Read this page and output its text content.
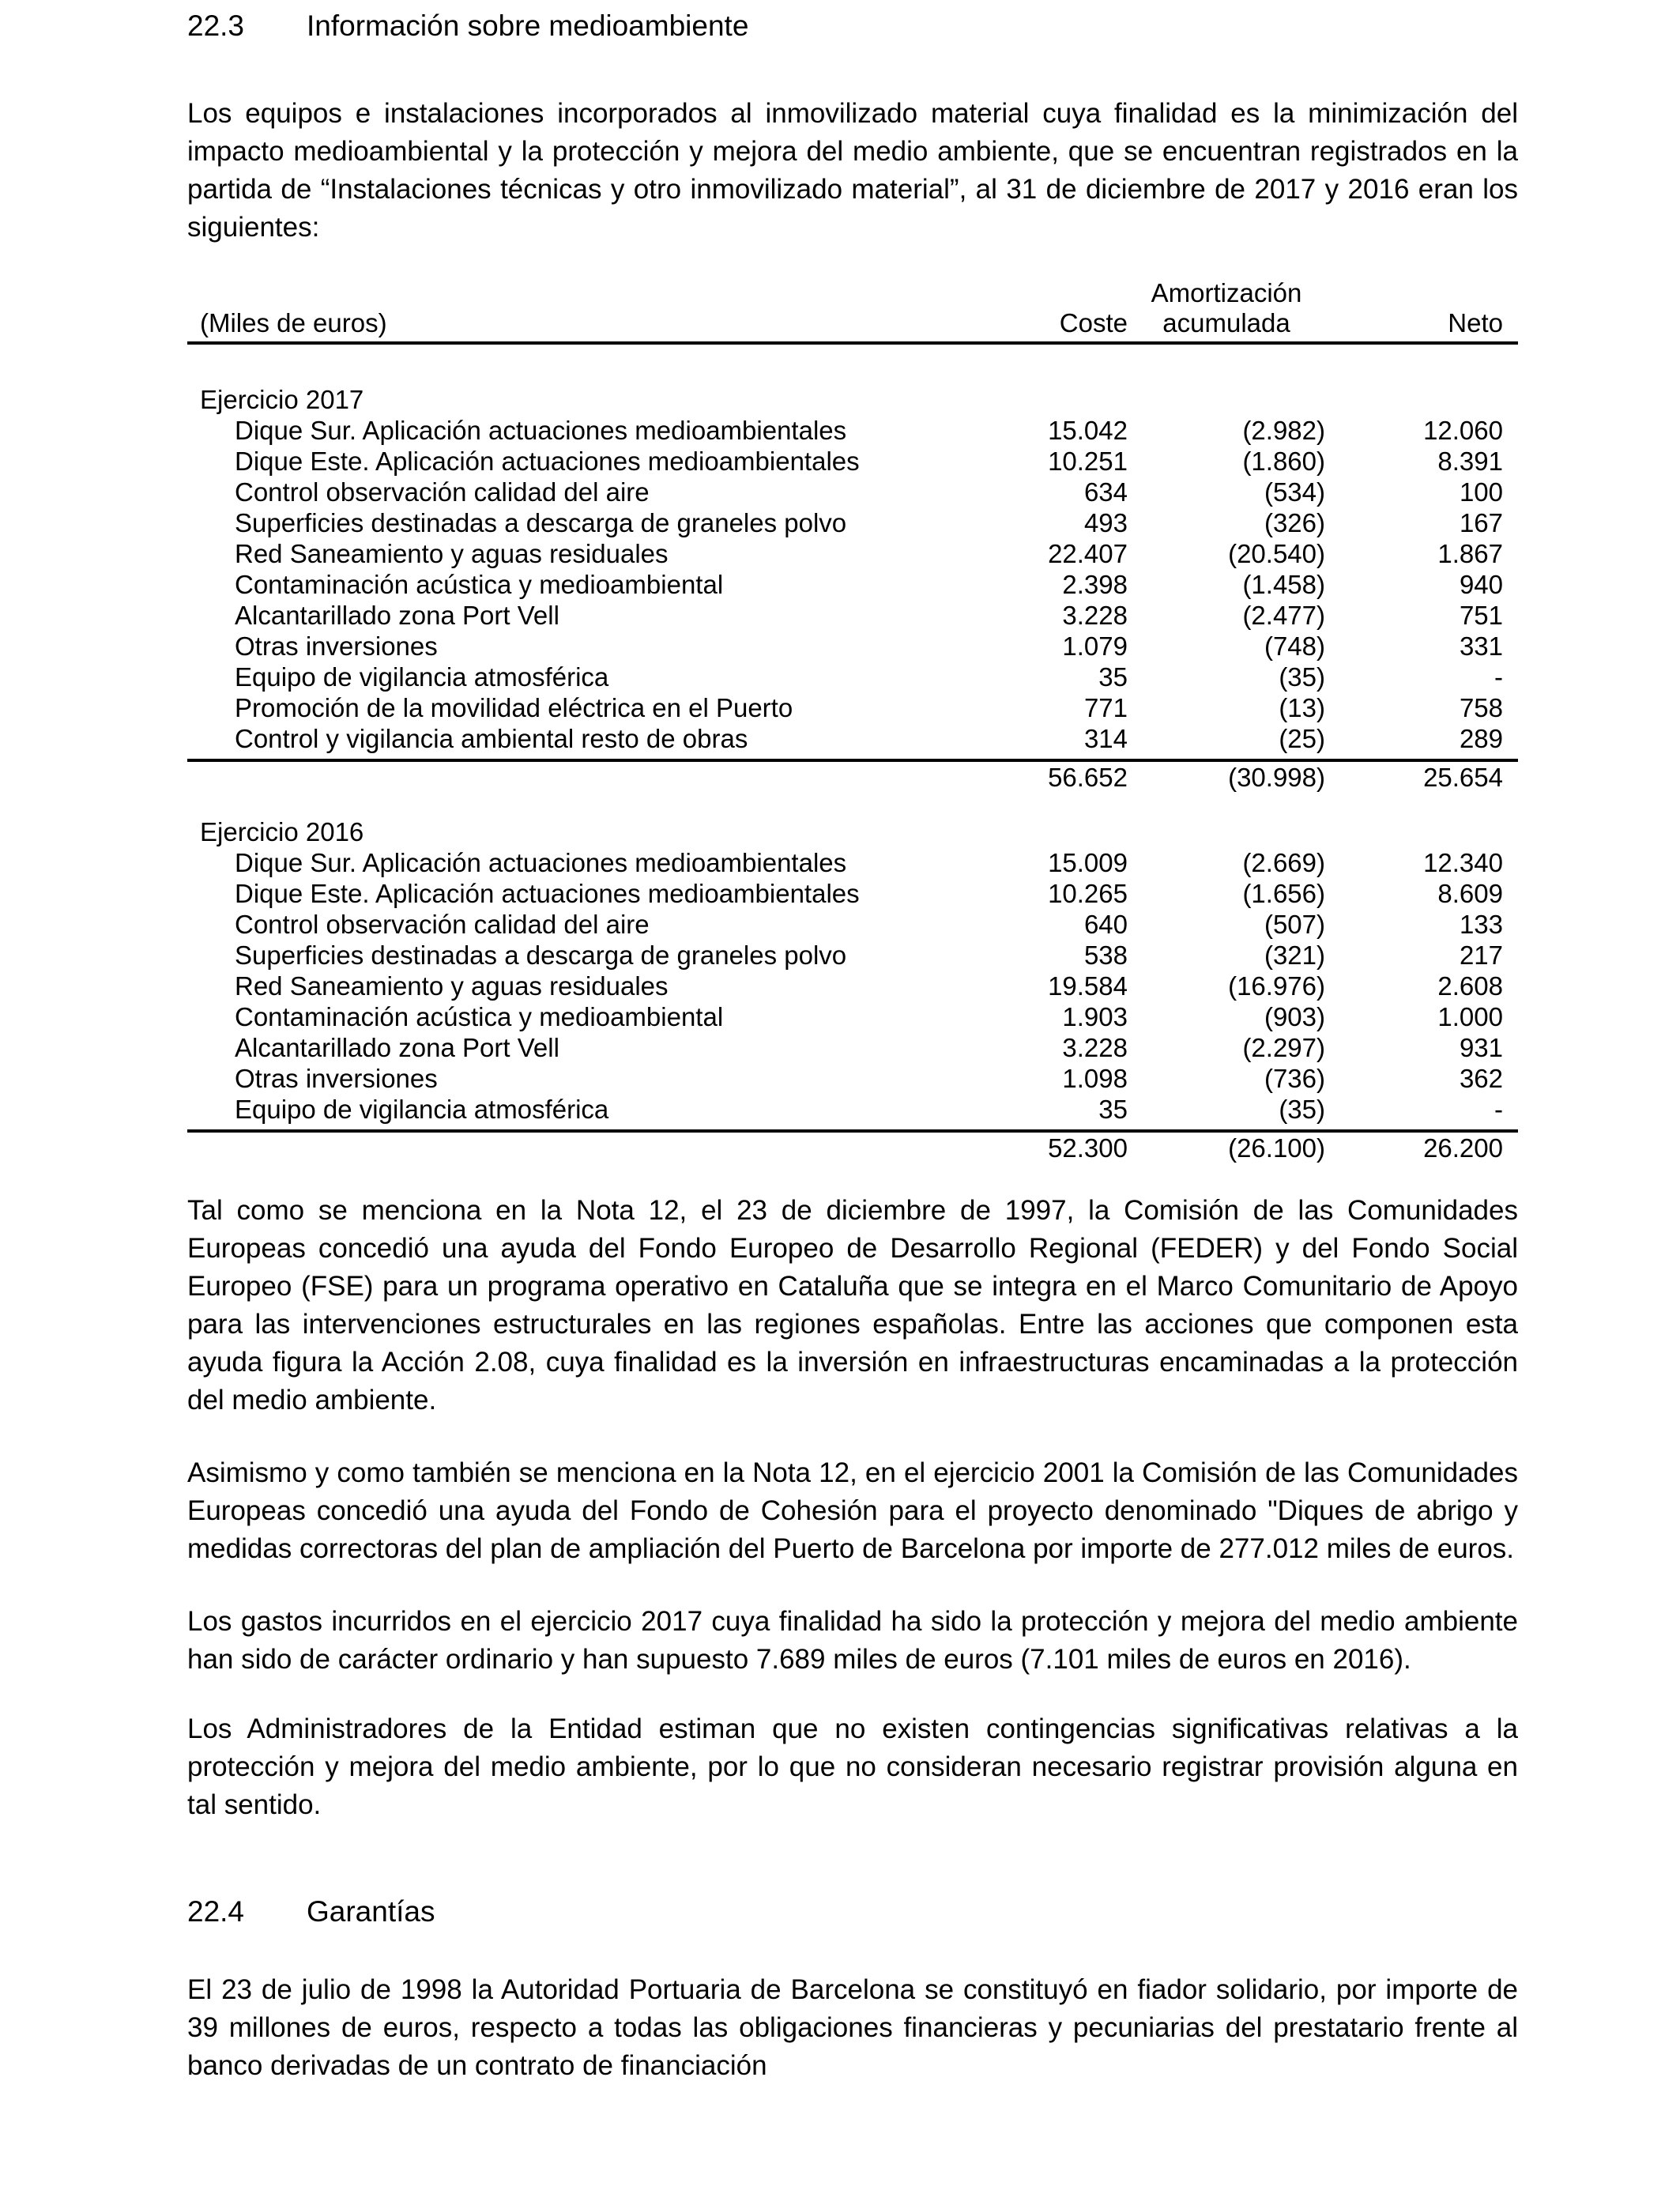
22.3	Información sobre medioambiente

Los equipos e instalaciones incorporados al inmovilizado material cuya finalidad es la minimización del impacto medioambiental y la protección y mejora del medio ambiente, que se encuentran registrados en la partida de “Instalaciones técnicas y otro inmovilizado material”, al 31 de diciembre de 2017 y 2016 eran los siguientes:

(Miles de euros)	Coste
Amortización
acumulada	Neto
Ejercicio 2017
Dique Sur. Aplicación actuaciones medioambientales	15.042	(2.982)	12.060
Dique Este. Aplicación actuaciones medioambientales	10.251	(1.860)	8.391
Control observación calidad del aire	634	(534)	100
Superficies destinadas a descarga de graneles polvo	493	(326)	167
Red Saneamiento y aguas residuales	22.407	(20.540)	1.867
Contaminación acústica y medioambiental	2.398	(1.458)	940
Alcantarillado zona Port Vell	3.228	(2.477)	751
Otras inversiones	1.079	(748)	331
Equipo de vigilancia atmosférica	35	(35)	-
Promoción de la movilidad eléctrica en el Puerto	771	(13)	758
Control y vigilancia ambiental resto de obras	314	(25)	289
56.652	(30.998)	25.654
Ejercicio 2016
Dique Sur. Aplicación actuaciones medioambientales	15.009	(2.669)	12.340
Dique Este. Aplicación actuaciones medioambientales	10.265	(1.656)	8.609
Control observación calidad del aire	640	(507)	133
Superficies destinadas a descarga de graneles polvo	538	(321)	217
Red Saneamiento y aguas residuales	19.584	(16.976)	2.608
Contaminación acústica y medioambiental	1.903	(903)	1.000
Alcantarillado zona Port Vell	3.228	(2.297)	931
Otras inversiones	1.098	(736)	362
Equipo de vigilancia atmosférica	35	(35)	-
52.300	(26.100)	26.200

Tal como se menciona en la Nota 12, el 23 de diciembre de 1997, la Comisión de las Comunidades Europeas concedió una ayuda del Fondo Europeo de Desarrollo Regional (FEDER) y del Fondo Social Europeo (FSE) para un programa operativo en Cataluña que se integra en el Marco Comunitario de Apoyo para las intervenciones estructurales en las regiones españolas. Entre las acciones que componen esta ayuda figura la Acción 2.08, cuya finalidad es la inversión en infraestructuras encaminadas a la protección del medio ambiente.

Asimismo y como también se menciona en la Nota 12, en el ejercicio 2001 la Comisión de las Comunidades Europeas concedió una ayuda del Fondo de Cohesión para el proyecto denominado "Diques de abrigo y medidas correctoras del plan de ampliación del Puerto de Barcelona por importe de 277.012 miles de euros.

Los gastos incurridos en el ejercicio 2017 cuya finalidad ha sido la protección y mejora del medio ambiente han sido de carácter ordinario y han supuesto 7.689 miles de euros (7.101 miles de euros en 2016).

Los Administradores de la Entidad estiman que no existen contingencias significativas relativas a la protección y mejora del medio ambiente, por lo que no consideran necesario registrar provisión alguna en tal sentido.

22.4	Garantías

El 23 de julio de 1998 la Autoridad Portuaria de Barcelona se constituyó en fiador solidario, por importe de 39 millones de euros, respecto a todas las obligaciones financieras y pecuniarias del prestatario frente al banco derivadas de un contrato de financiación
